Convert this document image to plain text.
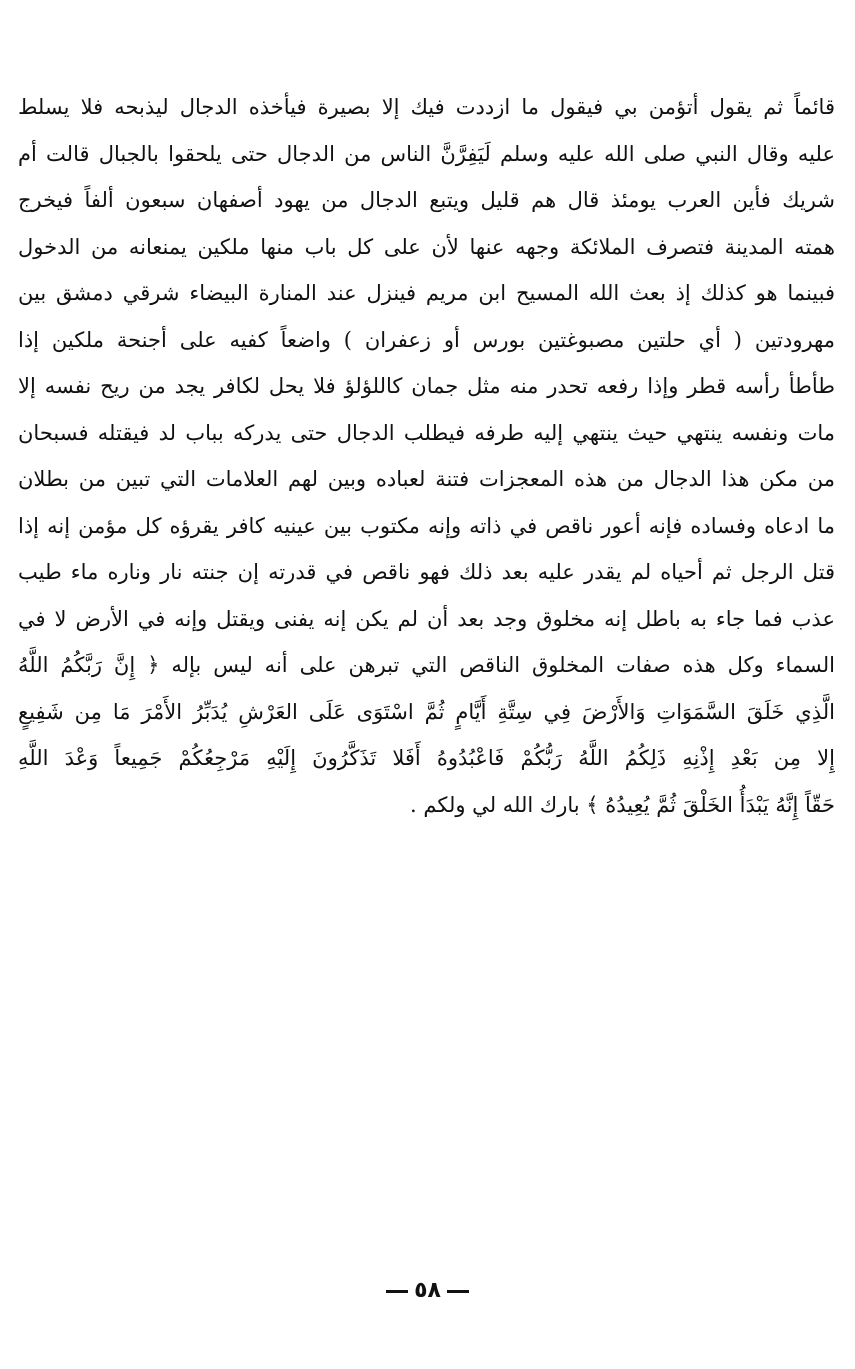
قائماً ثم يقول أتؤمن بي فيقول ما ازددت فيك إلا بصيرة فيأخذه الدجال ليذبحه فلا يسلط
عليه وقال النبي صلى الله عليه وسلم لَيَفِرَّنَّ الناس من الدجال حتى يلحقوا بالجبال قالت أم
شريك فأين العرب يومئذ قال هم قليل ويتبع الدجال من يهود أصفهان سبعون ألفاً فيخرج
همته المدينة فتصرف الملائكة وجهه عنها لأن على كل باب منها ملكين يمنعانه من الدخول
فبينما هو كذلك إذ بعث الله المسيح ابن مريم فينزل عند المنارة البيضاء شرقي دمشق بين
مهرودتين ( أي حلتين مصبوغتين بورس أو زعفران ) واضعاً كفيه على أجنحة ملكين إذا
طأطأ رأسه قطر وإذا رفعه تحدر منه مثل جمان كاللؤلؤ فلا يحل لكافر يجد من ريح نفسه إلا
مات ونفسه ينتهي حيث ينتهي إليه طرفه فيطلب الدجال حتى يدركه بباب لد فيقتله فسبحان
من مكن هذا الدجال من هذه المعجزات فتنة لعباده وبين لهم العلامات التي تبين من بطلان
ما ادعاه وفساده فإنه أعور ناقص في ذاته وإنه مكتوب بين عينيه كافر يقرؤه كل مؤمن إنه إذا
قتل الرجل ثم أحياه لم يقدر عليه بعد ذلك فهو ناقص في قدرته إن جنته نار وناره ماء طيب
عذب فما جاء به باطل إنه مخلوق وجد بعد أن لم يكن إنه يفنى ويقتل وإنه في الأرض لا في
السماء وكل هذه صفات المخلوق الناقص التي تبرهن على أنه ليس بإله ﴿ إِنَّ رَبَّكُمُ اللَّهُ
الَّذِي خَلَقَ السَّمَوَاتِ وَالأَرْضَ فِي سِتَّةِ أَيَّامٍ ثُمَّ اسْتَوَى عَلَى العَرْشِ يُدَبِّرُ الأَمْرَ مَا مِن شَفِيعٍ
إِلا مِن بَعْدِ إِذْنِهِ ذَلِكُمُ اللَّهُ رَبُّكُمْ فَاعْبُدُوهُ أَفَلا تَذَكَّرُونَ إِلَيْهِ مَرْجِعُكُمْ جَمِيعاً وَعْدَ اللَّهِ
حَقّاً إِنَّهُ يَبْدَأُ الخَلْقَ ثُمَّ يُعِيدُهُ ﴾ بارك الله لي ولكم .
٥٨
